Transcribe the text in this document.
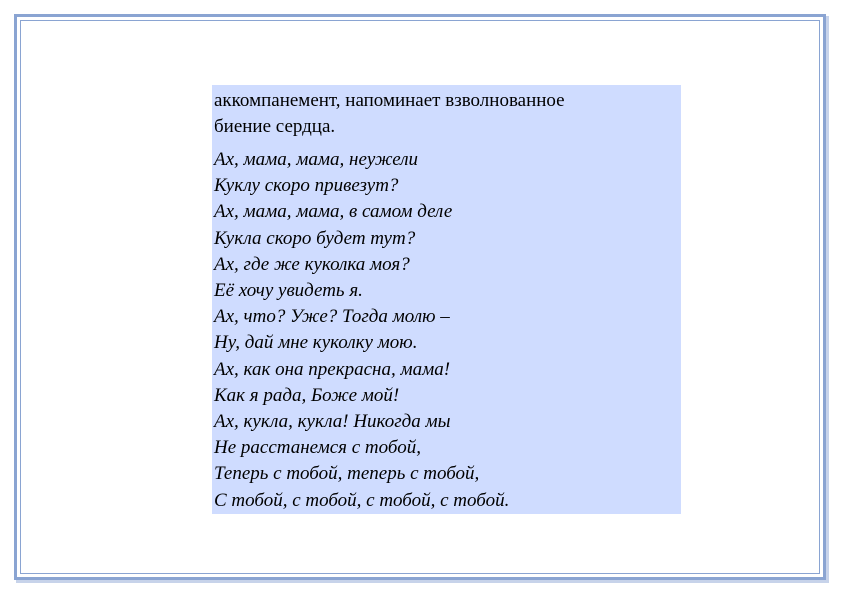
аккомпанемент, напоминает взволнованное
биение сердца.

Ах, мама, мама, неужели
Куклу скоро привезут?
Ах, мама, мама, в самом деле
Кукла скоро будет тут?
Ах, где же куколка моя?
Её хочу увидеть я.
Ах, что? Уже? Тогда молю –
Ну, дай мне куколку мою.
Ах, как она прекрасна, мама!
Как я рада, Боже мой!
Ах, кукла, кукла! Никогда мы
Не расстанемся с тобой,
Теперь с тобой, теперь с тобой,
С тобой, с тобой, с тобой, с тобой.
